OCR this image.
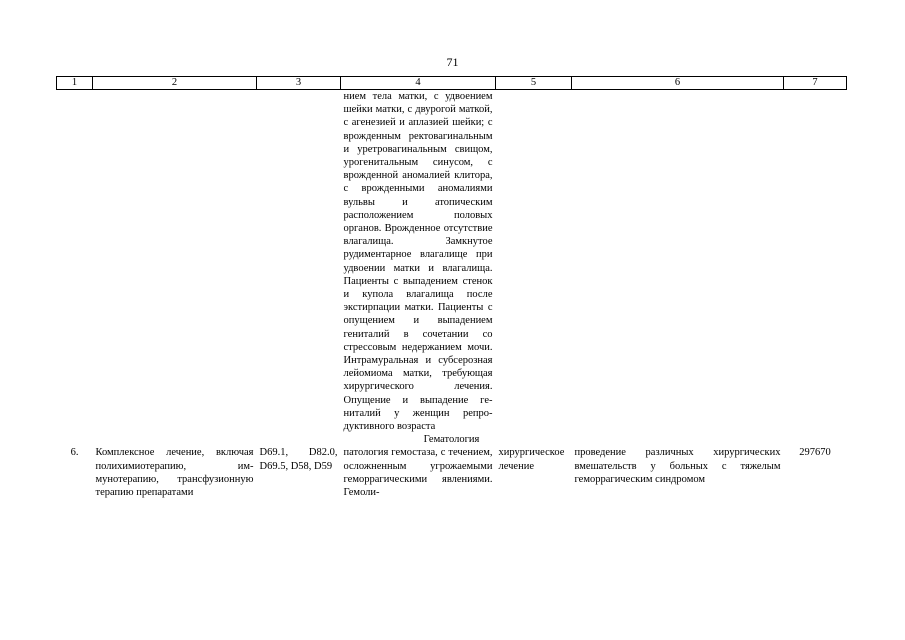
71
1	2	3	4	5	6	7
			нием тела матки, с удвоением шейки матки, с двурогой маткой, с агенезией и аплазией шейки; с врожденным ректовагинальным и уретровагинальным свищом, урогенитальным синусом, с врожденной аномалией клитора, с врожденными аномалиями вульвы и атопическим расположением половых органов. Врожденное отсутствие влагалища. Замкнутое рудиментарное влагалище при удвоении матки и влагалища. Пациенты с выпадением стенок и купола влагалища после экстирпации матки. Пациенты с опущением и выпадением гениталий в сочетании со стрессовым недержанием мочи. Интрамуральная и субсерозная лейомиома матки, требующая хирургического лечения. Опущение и выпадение гениталий у женщин репродуктивного возраста			
Гематология						
6.	Комплексное лечение, включая полихимиотерапию, иммунотерапию, трансфузионную терапию препаратами	D69.1, D82.0, D69.5, D58, D59	патология гемостаза, с течением, осложненным угрожаемыми геморрагическими явлениями. Гемоли-	хирургическое лечение	проведение различных хирургических вмешательств у больных с тяжелым геморрагическим синдромом	297670
